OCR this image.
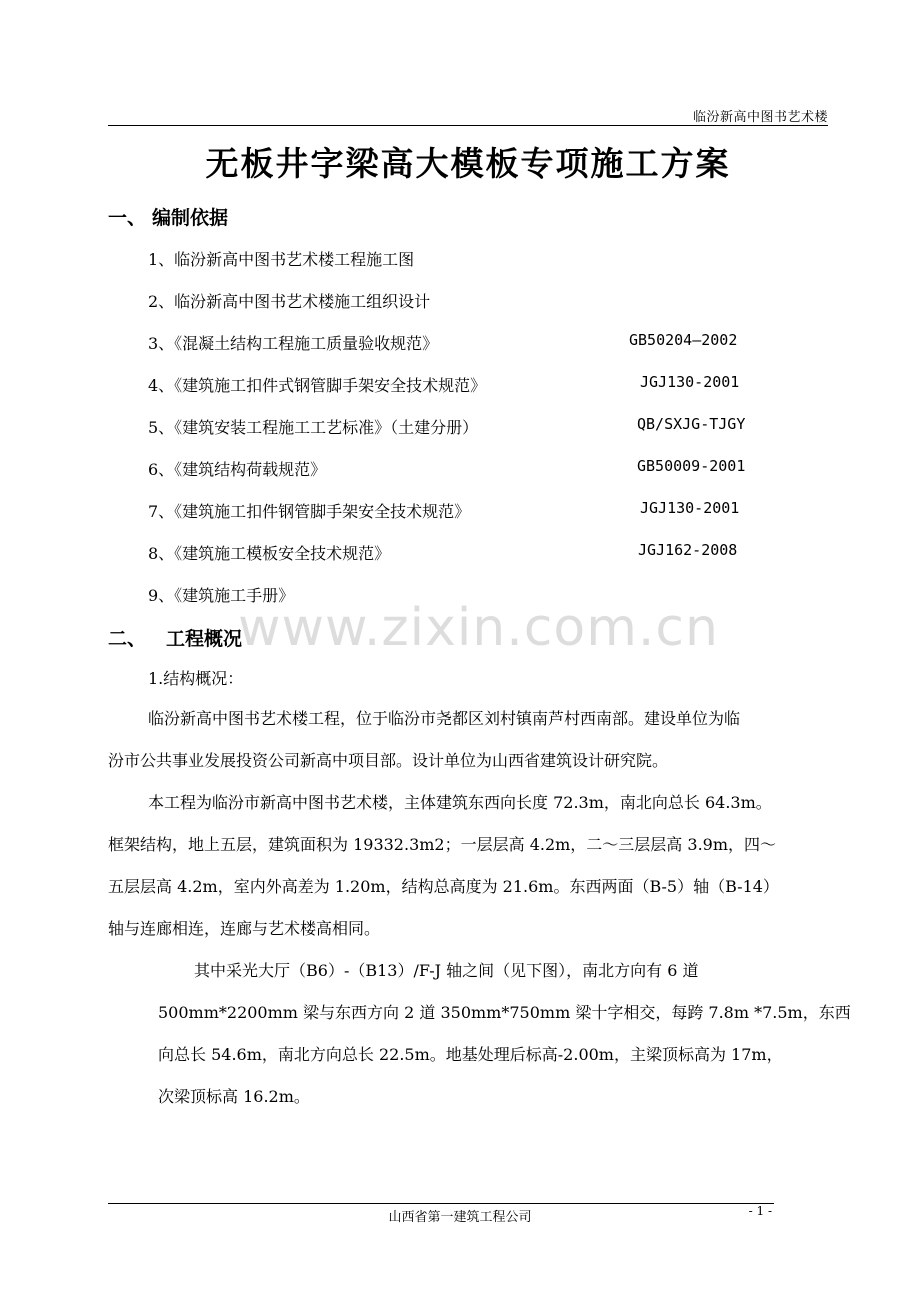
临汾新高中图书艺术楼
无板井字梁高大模板专项施工方案
一、 编制依据
1、临汾新高中图书艺术楼工程施工图
2、临汾新高中图书艺术楼施工组织设计
3、《混凝土结构工程施工质量验收规范》	GB50204—2002
4、《建筑施工扣件式钢管脚手架安全技术规范》	JGJ130-2001
5、《建筑安装工程施工工艺标准》（土建分册）	QB/SXJG-TJGY
6、《建筑结构荷载规范》	GB50009-2001
7、《建筑施工扣件钢管脚手架安全技术规范》	JGJ130-2001
8、《建筑施工模板安全技术规范》	JGJ162-2008
9、《建筑施工手册》
www.zixin.com.cn
二、 工程概况
1.结构概况：
临汾新高中图书艺术楼工程，位于临汾市尧都区刘村镇南芦村西南部。建设单位为临
汾市公共事业发展投资公司新高中项目部。设计单位为山西省建筑设计研究院。
本工程为临汾市新高中图书艺术楼，主体建筑东西向长度 72.3m，南北向总长 64.3m。
框架结构，地上五层，建筑面积为 19332.3m2；一层层高 4.2m，二～三层层高 3.9m，四～
五层层高 4.2m，室内外高差为 1.20m，结构总高度为 21.6m。东西两面（B-5）轴（B-14）
轴与连廊相连，连廊与艺术楼高相同。
其中采光大厅（B6）-（B13）/F-J 轴之间（见下图），南北方向有 6 道
500mm*2200mm 梁与东西方向 2 道 350mm*750mm 梁十字相交，每跨 7.8m *7.5m，东西
向总长 54.6m，南北方向总长 22.5m。地基处理后标高-2.00m，主梁顶标高为 17m，
次梁顶标高 16.2m。
山西省第一建筑工程公司	- 1 -
